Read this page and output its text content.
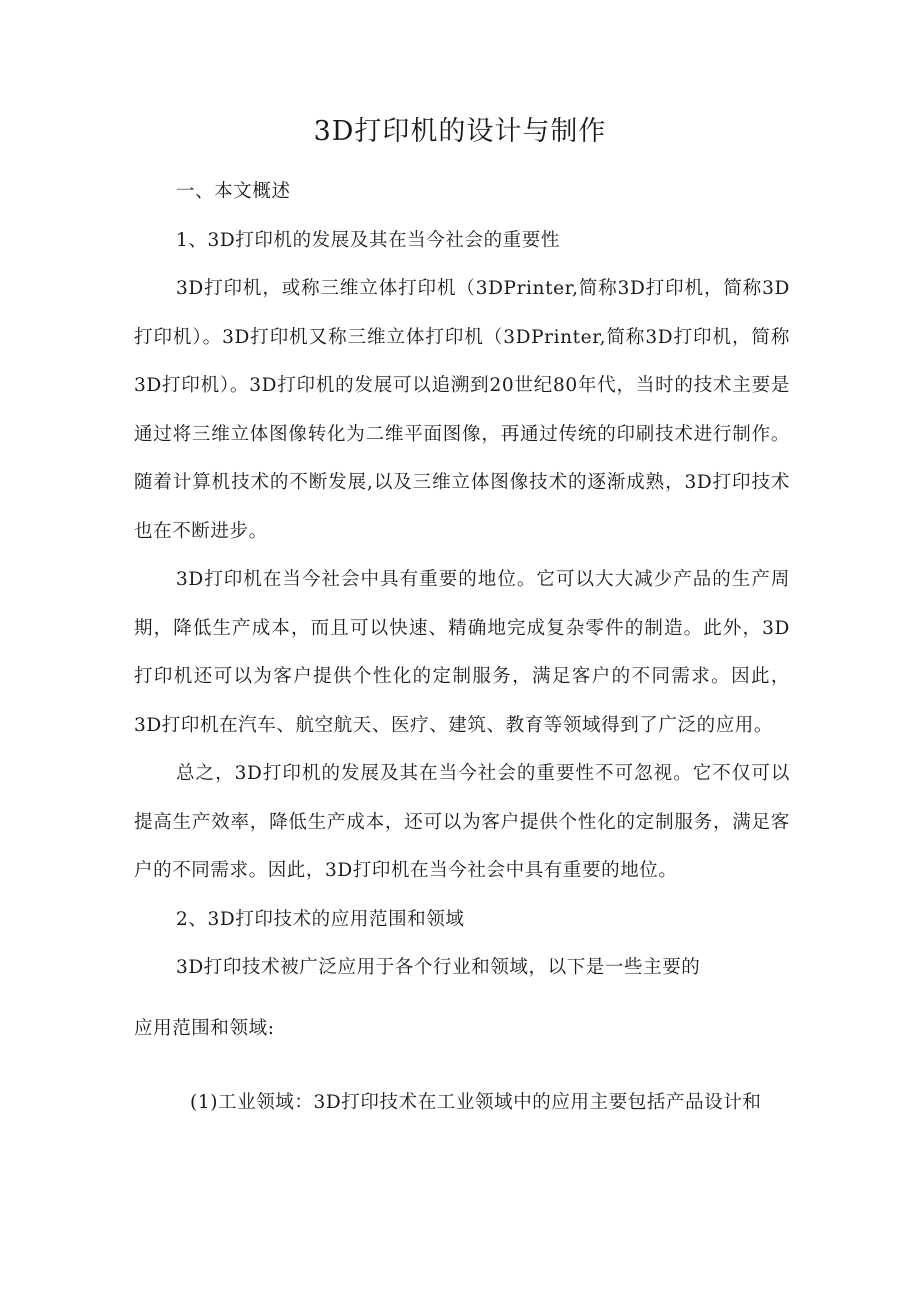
3D打印机的设计与制作

一、本文概述

1、3D打印机的发展及其在当今社会的重要性

3D打印机，或称三维立体打印机（3DPrinter,简称3D打印机，简称3D打印机）。3D打印机又称三维立体打印机（3DPrinter,简称3D打印机，简称3D打印机）。3D打印机的发展可以追溯到20世纪80年代，当时的技术主要是通过将三维立体图像转化为二维平面图像，再通过传统的印刷技术进行制作。随着计算机技术的不断发展,以及三维立体图像技术的逐渐成熟，3D打印技术也在不断进步。

3D打印机在当今社会中具有重要的地位。它可以大大减少产品的生产周期，降低生产成本，而且可以快速、精确地完成复杂零件的制造。此外，3D打印机还可以为客户提供个性化的定制服务，满足客户的不同需求。因此，3D打印机在汽车、航空航天、医疗、建筑、教育等领域得到了广泛的应用。

总之，3D打印机的发展及其在当今社会的重要性不可忽视。它不仅可以提高生产效率，降低生产成本，还可以为客户提供个性化的定制服务，满足客户的不同需求。因此，3D打印机在当今社会中具有重要的地位。

2、3D打印技术的应用范围和领域

3D打印技术被广泛应用于各个行业和领域，以下是一些主要的

应用范围和领域:

(1)工业领域：3D打印技术在工业领域中的应用主要包括产品设计和
